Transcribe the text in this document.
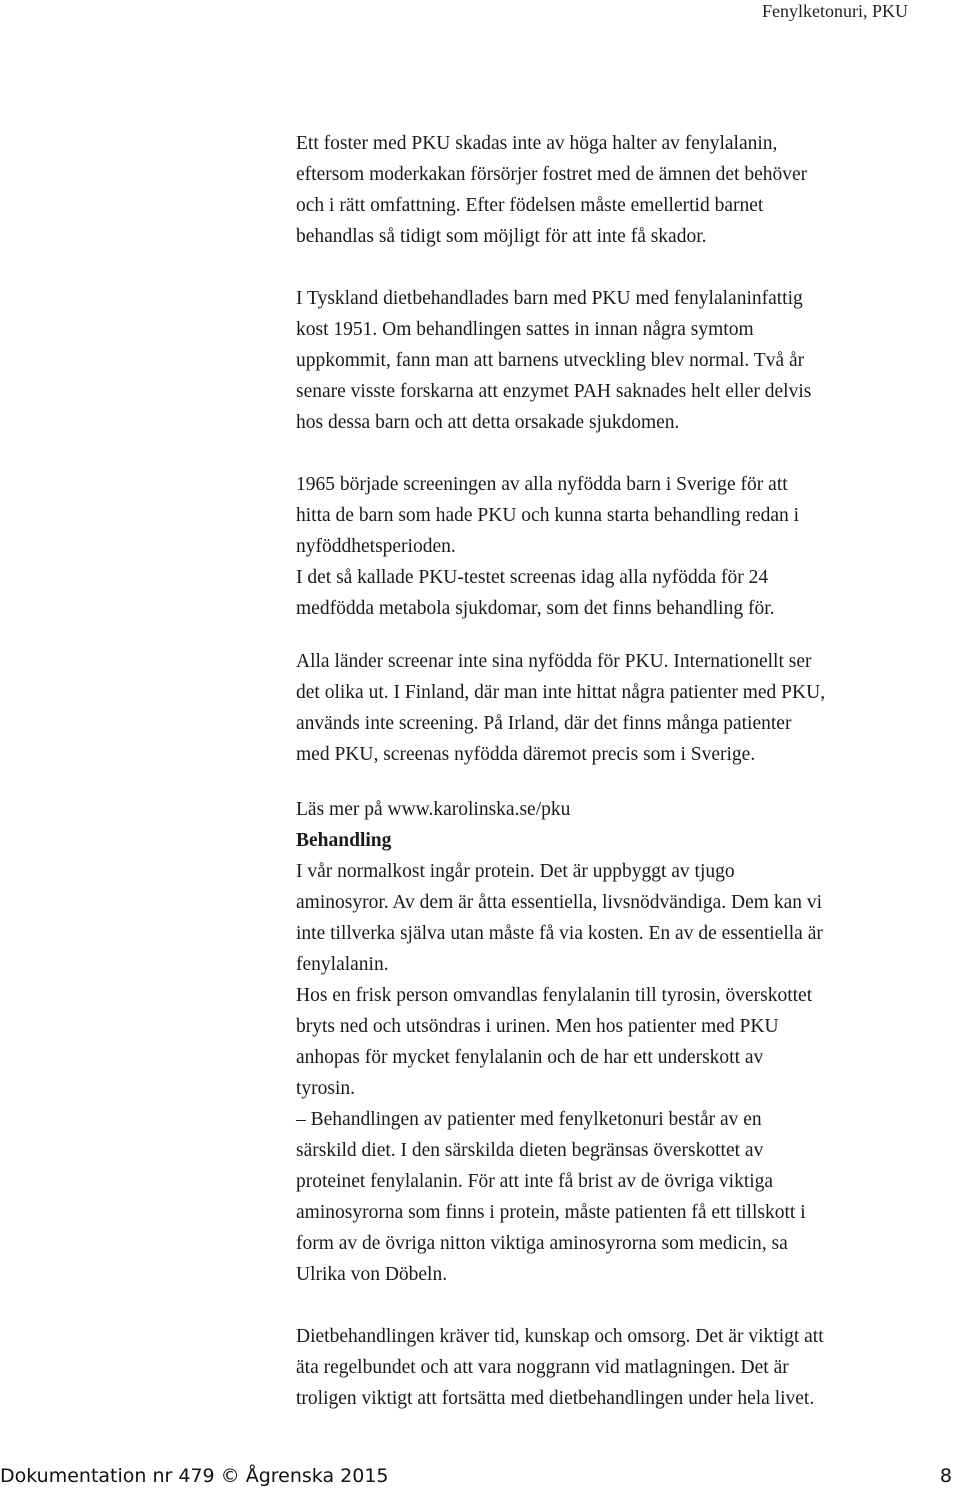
Fenylketonuri, PKU

Ett foster med PKU skadas inte av höga halter av fenylalanin,
eftersom moderkakan försörjer fostret med de ämnen det behöver
och i rätt omfattning. Efter födelsen måste emellertid barnet
behandlas så tidigt som möjligt för att inte få skador.

I Tyskland dietbehandlades barn med PKU med fenylalaninfattig
kost 1951. Om behandlingen sattes in innan några symtom
uppkommit, fann man att barnens utveckling blev normal. Två år
senare visste forskarna att enzymet PAH saknades helt eller delvis
hos dessa barn och att detta orsakade sjukdomen.

1965 började screeningen av alla nyfödda barn i Sverige för att
hitta de barn som hade PKU och kunna starta behandling redan i
nyföddhetsperioden.

I det så kallade PKU-testet screenas idag alla nyfödda för 24
medfödda metabola sjukdomar, som det finns behandling för.

Alla länder screenar inte sina nyfödda för PKU. Internationellt ser
det olika ut. I Finland, där man inte hittat några patienter med PKU,
används inte screening. På Irland, där det finns många patienter
med PKU, screenas nyfödda däremot precis som i Sverige.

Läs mer på www.karolinska.se/pku

Behandling

I vår normalkost ingår protein. Det är uppbyggt av tjugo
aminosyror. Av dem är åtta essentiella, livsnödvändiga. Dem kan vi
inte tillverka själva utan måste få via kosten. En av de essentiella är
fenylalanin.

Hos en frisk person omvandlas fenylalanin till tyrosin, överskottet
bryts ned och utsöndras i urinen. Men hos patienter med PKU
anhopas för mycket fenylalanin och de har ett underskott av
tyrosin.

– Behandlingen av patienter med fenylketonuri består av en
särskild diet. I den särskilda dieten begränsas överskottet av
proteinet fenylalanin. För att inte få brist av de övriga viktiga
aminosyrorna som finns i protein, måste patienten få ett tillskott i
form av de övriga nitton viktiga aminosyrorna som medicin, sa
Ulrika von Döbeln.

Dietbehandlingen kräver tid, kunskap och omsorg. Det är viktigt att
äta regelbundet och att vara noggrann vid matlagningen. Det är
troligen viktigt att fortsätta med dietbehandlingen under hela livet.

Dokumentation nr 479 © Ågrenska 2015	8
